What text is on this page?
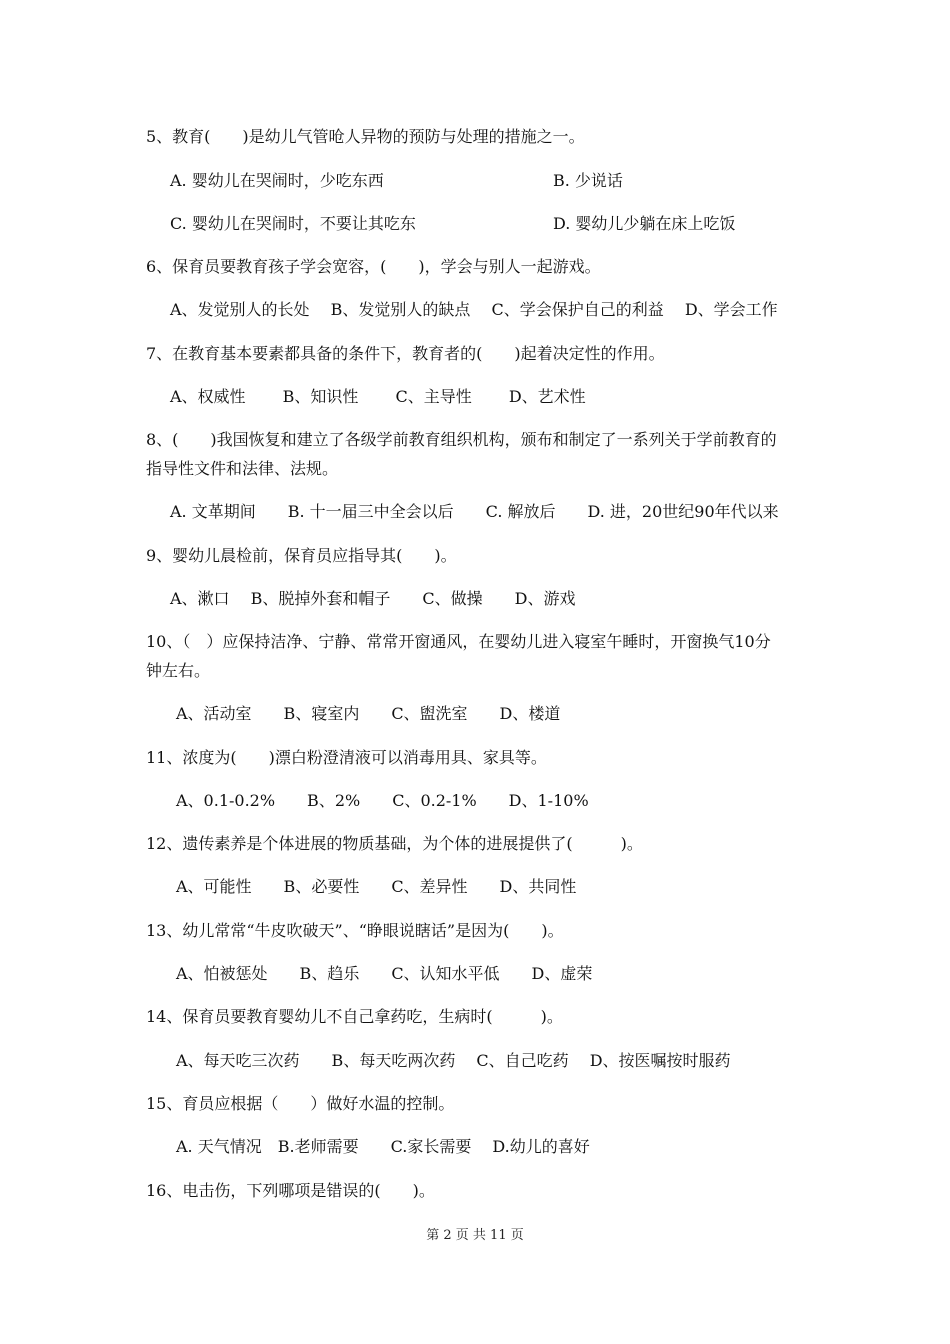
5、教育(　　)是幼儿气管呛人异物的预防与处理的措施之一。
A. 婴幼儿在哭闹时，少吃东西	B. 少说话
C. 婴幼儿在哭闹时，不要让其吃东	D. 婴幼儿少躺在床上吃饭
6、保育员要教育孩子学会宽容，(　　)，学会与别人一起游戏。
A、发觉别人的长处　 B、发觉别人的缺点　 C、学会保护自己的利益　 D、学会工作
7、在教育基本要素都具备的条件下，教育者的(　　)起着决定性的作用。
A、权威性　　 B、知识性　　 C、主导性　　 D、艺术性
8、(　　)我国恢复和建立了各级学前教育组织机构，颁布和制定了一系列关于学前教育的
指导性文件和法律、法规。
A. 文革期间　　B. 十一届三中全会以后　　C. 解放后　　D. 进，20世纪90年代以来
9、婴幼儿晨检前，保育员应指导其(　　)。
A、漱口　 B、脱掉外套和帽子　　C、做操　　D、游戏
10、（　）应保持洁净、宁静、常常开窗通风，在婴幼儿进入寝室午睡时，开窗换气10分
钟左右。
A、活动室　　B、寝室内　　C、盥洗室　　D、楼道
11、浓度为(　　)漂白粉澄清液可以消毒用具、家具等。
A、0.1-0.2%　　B、2%　　C、0.2-1%　　D、1-10%
12、遗传素养是个体进展的物质基础，为个体的进展提供了(　　　)。
A、可能性　　B、必要性　　C、差异性　　D、共同性
13、幼儿常常“牛皮吹破天”、“睁眼说瞎话”是因为(　　)。
A、怕被惩处　　B、趋乐　　C、认知水平低　　D、虚荣
14、保育员要教育婴幼儿不自己拿药吃，生病时(　　　)。
A、每天吃三次药　　B、每天吃两次药　 C、自己吃药　 D、按医嘱按时服药
15、育员应根据（　　）做好水温的控制。
A. 天气情况　B.老师需要　　C.家长需要　 D.幼儿的喜好
16、电击伤，下列哪项是错误的(　　)。
第 2 页 共 11 页
